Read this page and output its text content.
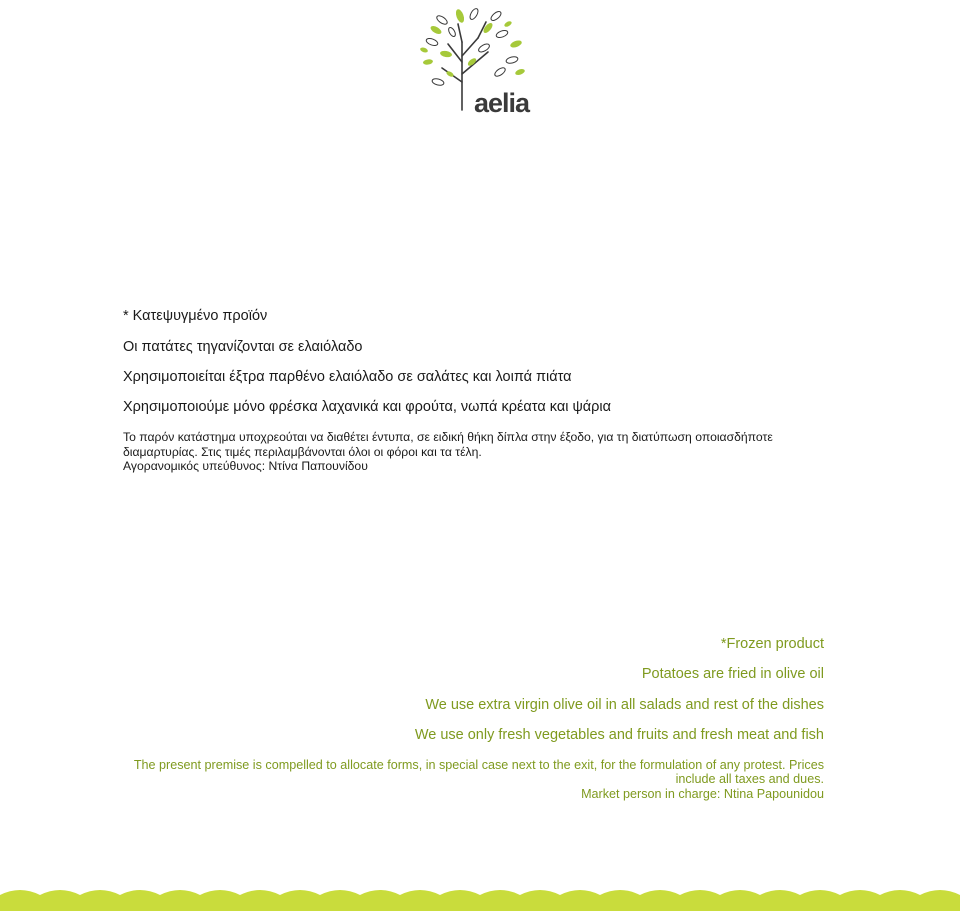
aelia
* Κατεψυγμένο προϊόν
Οι πατάτες τηγανίζονται σε ελαιόλαδο
Χρησιμοποιείται έξτρα παρθένο ελαιόλαδο σε σαλάτες και λοιπά πιάτα
Χρησιμοποιούμε μόνο φρέσκα λαχανικά και φρούτα, νωπά κρέατα και ψάρια
Το παρόν κατάστημα υποχρεούται να διαθέτει έντυπα, σε ειδική θήκη δίπλα στην έξοδο, για τη διατύπωση οποιασδήποτε
διαμαρτυρίας. Στις τιμές περιλαμβάνονται όλοι οι φόροι και τα τέλη.
Αγορανομικός υπεύθυνος: Ντίνα Παπουνίδου
*Frozen product
Potatoes are fried in olive oil
We use extra virgin olive oil in all salads and rest of the dishes
We use only fresh vegetables and fruits and fresh meat and fish
The present premise is compelled to allocate forms, in special case next to the exit, for the formulation of any protest. Prices
include all taxes and dues.
Market person in charge: Ntina Papounidou
